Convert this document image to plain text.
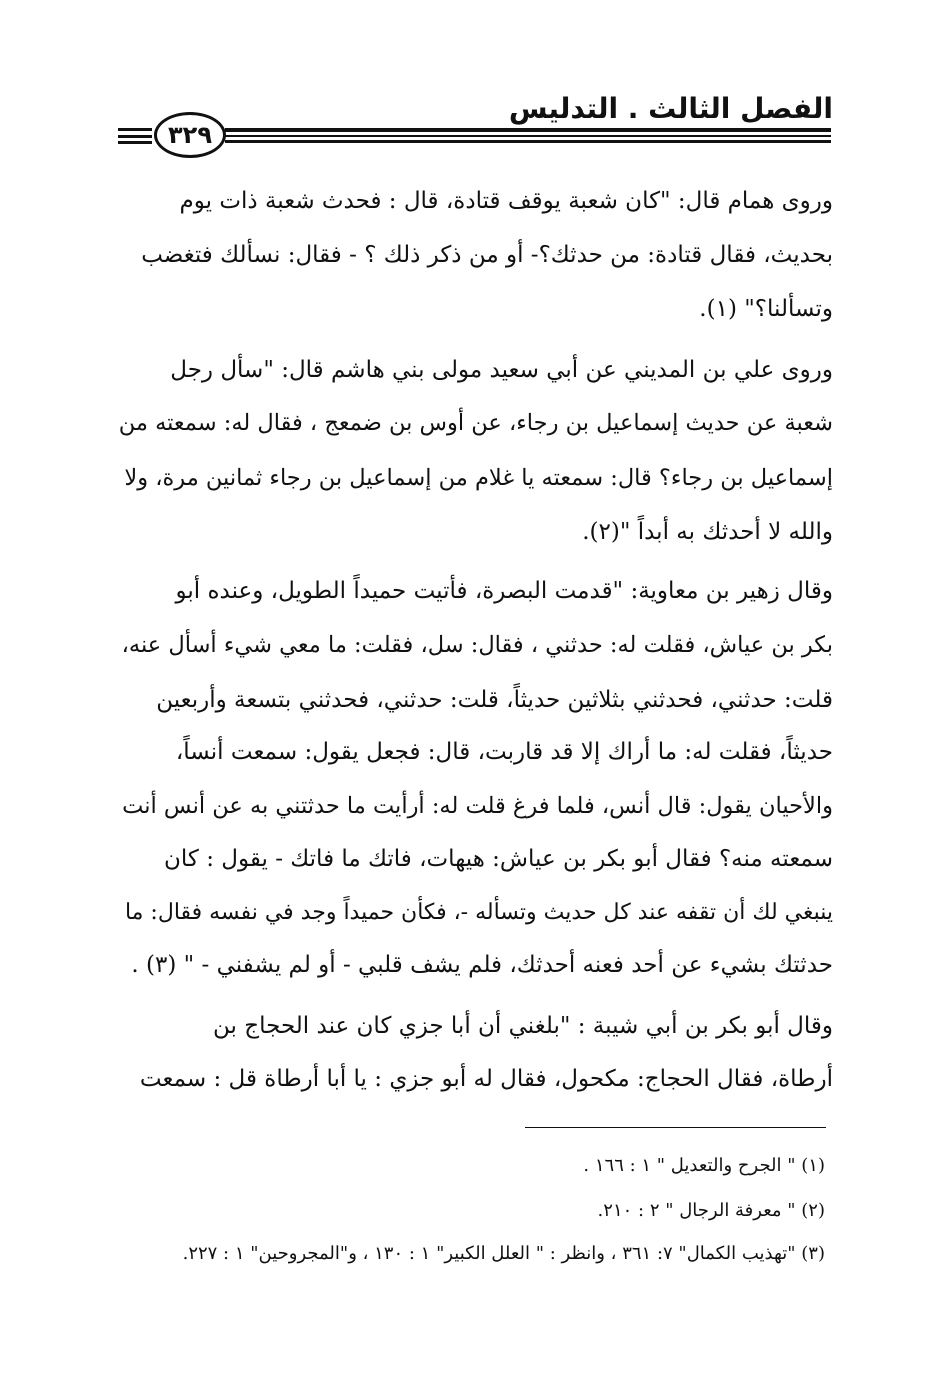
الفصل الثالث . التدليس
٣٢٩
وروى همام قال: "كان شعبة يوقف قتادة، قال : فحدث شعبة ذات يوم
بحديث، فقال قتادة: من حدثك؟- أو من ذكر ذلك ؟ - فقال: نسألك فتغضب
وتسألنا؟" (١).
وروى علي بن المديني عن أبي سعيد مولى بني هاشم قال: "سأل رجل
شعبة عن حديث إسماعيل بن رجاء، عن أوس بن ضمعج ، فقال له: سمعته من
إسماعيل بن رجاء؟ قال: سمعته يا غلام من إسماعيل بن رجاء ثمانين مرة، ولا
والله لا أحدثك به أبداً "(٢).
وقال زهير بن معاوية: "قدمت البصرة، فأتيت حميداً الطويل، وعنده أبو
بكر بن عياش، فقلت له: حدثني ، فقال: سل، فقلت: ما معي شيء أسأل عنه،
قلت: حدثني، فحدثني بثلاثين حديثاً، قلت: حدثني، فحدثني بتسعة وأربعين
حديثاً، فقلت له: ما أراك إلا قد قاربت، قال: فجعل يقول: سمعت أنساً،
والأحيان يقول: قال أنس، فلما فرغ قلت له: أرأيت ما حدثتني به عن أنس أنت
سمعته منه؟ فقال أبو بكر بن عياش: هيهات، فاتك ما فاتك - يقول : كان
ينبغي لك أن تقفه عند كل حديث وتسأله -، فكأن حميداً وجد في نفسه فقال: ما
حدثتك بشيء عن أحد فعنه أحدثك، فلم يشف قلبي - أو لم يشفني - " (٣) .
وقال أبو بكر بن أبي شيبة : "بلغني أن أبا جزي كان عند الحجاج بن
أرطاة، فقال الحجاج: مكحول، فقال له أبو جزي : يا أبا أرطاة قل : سمعت
(١) " الجرح والتعديل " ١ : ١٦٦ .
(٢) " معرفة الرجال " ٢ : ٢١٠.
(٣) "تهذيب الكمال" ٧: ٣٦١ ، وانظر : " العلل الكبير" ١ : ١٣٠ ، و"المجروحين" ١ : ٢٢٧.
